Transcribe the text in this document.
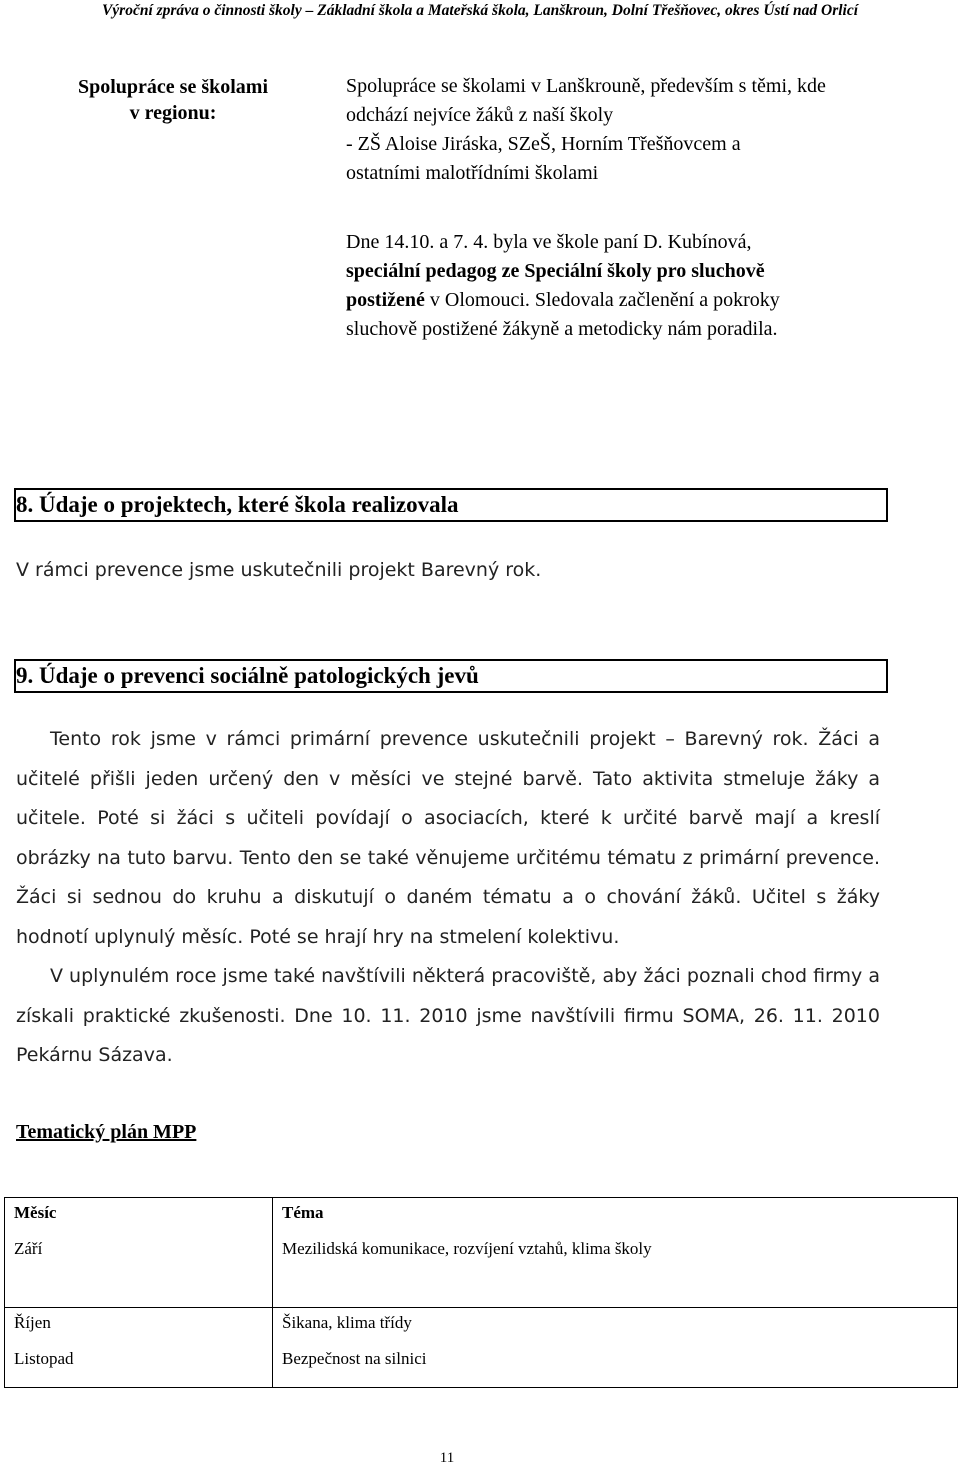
Výroční zpráva o činnosti školy – Základní škola a Mateřská škola, Lanškroun, Dolní Třešňovec, okres Ústí nad Orlicí
Spolupráce se školami
v regionu:
Spolupráce se školami v Lanškrouně, především s těmi, kde
odchází nejvíce žáků z naší školy
- ZŠ Aloise Jiráska, SZeŠ, Horním Třešňovcem a
ostatními malotřídními školami
Dne 14.10. a 7. 4. byla ve škole paní D. Kubínová,
speciální pedagog ze Speciální školy pro sluchově
postižené v Olomouci. Sledovala začlenění a pokroky
sluchově postižené žákyně a metodicky nám poradila.
8. Údaje o projektech, které škola realizovala
V rámci prevence jsme uskutečnili projekt Barevný rok.
9. Údaje o prevenci sociálně patologických jevů

Tento rok jsme v rámci primární prevence uskutečnili projekt – Barevný rok. Žáci a učitelé přišli jeden určený den v měsíci ve stejné barvě. Tato aktivita stmeluje žáky a učitele. Poté si žáci s učiteli povídají o asociacích, které k určité barvě mají a kreslí obrázky na tuto barvu. Tento den se také věnujeme určitému tématu z primární prevence. Žáci si sednou do kruhu a diskutují o daném tématu a o chování žáků. Učitel s žáky hodnotí uplynulý měsíc. Poté se hrají hry na stmelení kolektivu.

V uplynulém roce jsme také navštívili některá pracoviště, aby žáci poznali chod firmy a získali praktické zkušenosti. Dne 10. 11. 2010 jsme navštívili firmu SOMA, 26. 11. 2010 Pekárnu Sázava.

Tematický plán MPP
Měsíc	Téma
Září	Mezilidská komunikace, rozvíjení vztahů, klima školy
Říjen	Šikana, klima třídy
Listopad	Bezpečnost na silnici
11
